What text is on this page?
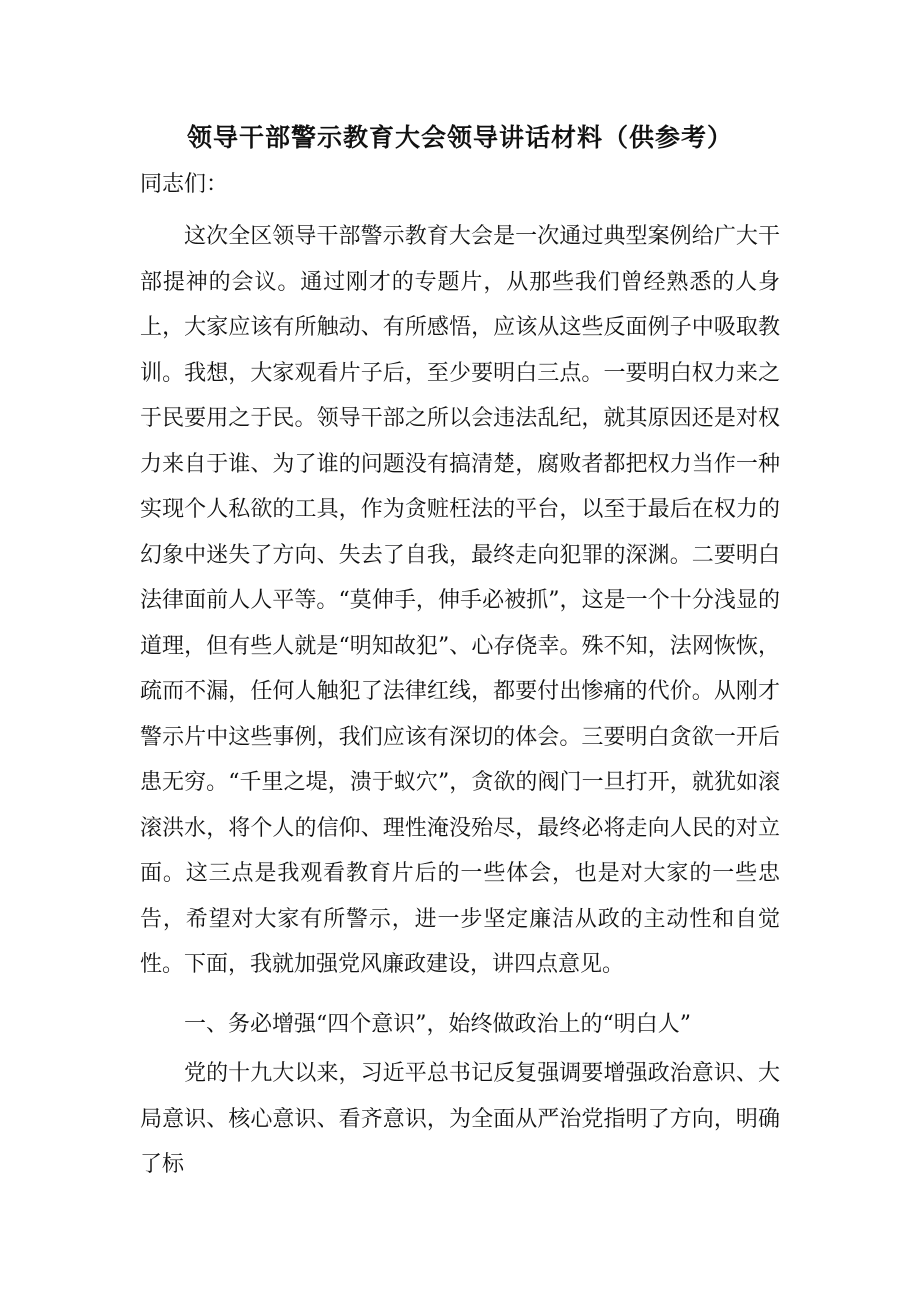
领导干部警示教育大会领导讲话材料（供参考）

同志们：

这次全区领导干部警示教育大会是一次通过典型案例给广大干部提神的会议。通过刚才的专题片，从那些我们曾经熟悉的人身上，大家应该有所触动、有所感悟，应该从这些反面例子中吸取教训。我想，大家观看片子后，至少要明白三点。一要明白权力来之于民要用之于民。领导干部之所以会违法乱纪，就其原因还是对权力来自于谁、为了谁的问题没有搞清楚，腐败者都把权力当作一种实现个人私欲的工具，作为贪赃枉法的平台，以至于最后在权力的幻象中迷失了方向、失去了自我，最终走向犯罪的深渊。二要明白法律面前人人平等。“莫伸手，伸手必被抓”，这是一个十分浅显的道理，但有些人就是“明知故犯”、心存侥幸。殊不知，法网恢恢，疏而不漏，任何人触犯了法律红线，都要付出惨痛的代价。从刚才警示片中这些事例，我们应该有深切的体会。三要明白贪欲一开后患无穷。“千里之堤，溃于蚁穴”，贪欲的阀门一旦打开，就犹如滚滚洪水，将个人的信仰、理性淹没殆尽，最终必将走向人民的对立面。这三点是我观看教育片后的一些体会，也是对大家的一些忠告，希望对大家有所警示，进一步坚定廉洁从政的主动性和自觉性。下面，我就加强党风廉政建设，讲四点意见。

一、务必增强“四个意识”，始终做政治上的“明白人”

党的十九大以来，习近平总书记反复强调要增强政治意识、大局意识、核心意识、看齐意识，为全面从严治党指明了方向，明确了标
